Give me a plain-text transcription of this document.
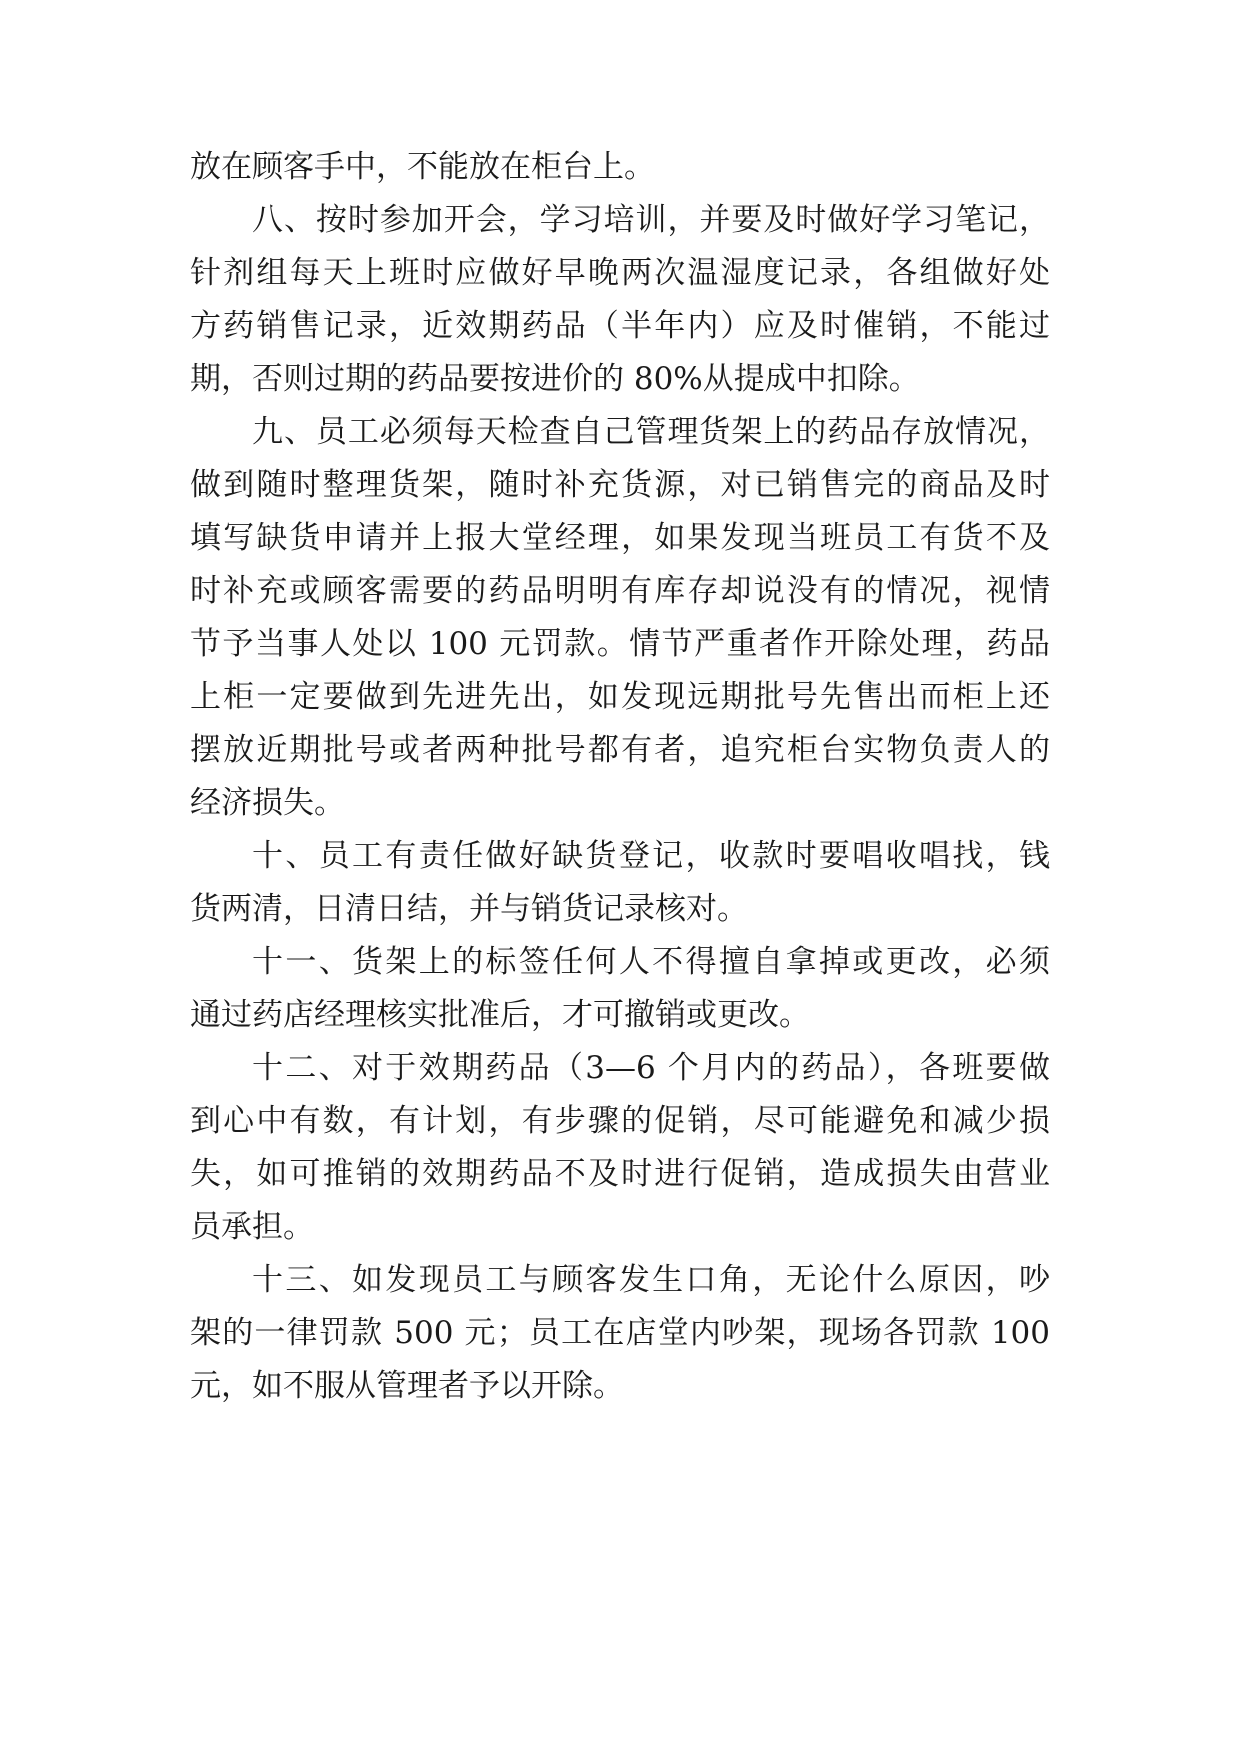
放在顾客手中，不能放在柜台上。
八、按时参加开会，学习培训，并要及时做好学习笔记，
针剂组每天上班时应做好早晚两次温湿度记录，各组做好处
方药销售记录，近效期药品（半年内）应及时催销，不能过
期，否则过期的药品要按进价的 80%从提成中扣除。
九、员工必须每天检查自己管理货架上的药品存放情况，
做到随时整理货架，随时补充货源，对已销售完的商品及时
填写缺货申请并上报大堂经理，如果发现当班员工有货不及
时补充或顾客需要的药品明明有库存却说没有的情况，视情
节予当事人处以 100 元罚款。情节严重者作开除处理，药品
上柜一定要做到先进先出，如发现远期批号先售出而柜上还
摆放近期批号或者两种批号都有者，追究柜台实物负责人的
经济损失。
十、员工有责任做好缺货登记，收款时要唱收唱找，钱
货两清，日清日结，并与销货记录核对。
十一、货架上的标签任何人不得擅自拿掉或更改，必须
通过药店经理核实批准后，才可撤销或更改。
十二、对于效期药品（3—6 个月内的药品），各班要做
到心中有数，有计划，有步骤的促销，尽可能避免和减少损
失，如可推销的效期药品不及时进行促销，造成损失由营业
员承担。
十三、如发现员工与顾客发生口角，无论什么原因，吵
架的一律罚款 500 元；员工在店堂内吵架，现场各罚款 100
元，如不服从管理者予以开除。
